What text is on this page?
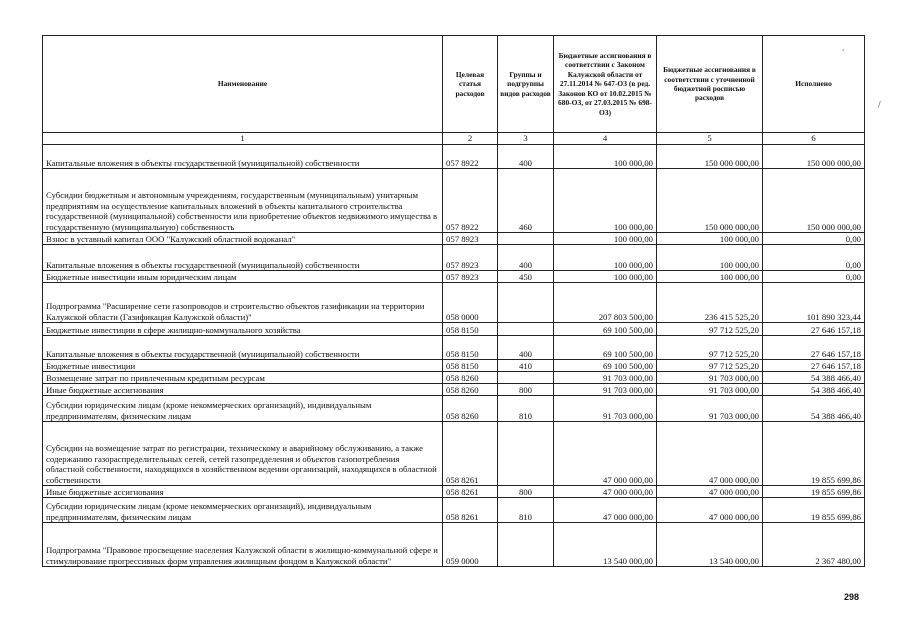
Наименование	Целевая статья расходов	Группы и подгруппы видов расходов	Бюджетные ассигнования в соответствии с Законом Калужской области от 27.11.2014 № 647-ОЗ (в ред. Законов КО от 10.02.2015 № 680-ОЗ, от 27.03.2015 № 698-ОЗ)	Бюджетные ассигнования в соответствии с уточненной бюджетной росписью расходов	Исполнено
1	2	3	4	5	6
Капитальные вложения в объекты государственной (муниципальной) собственности	057 8922	400	100 000,00	150 000 000,00	150 000 000,00
Субсидии бюджетным и автономным учреждениям, государственным (муниципальным) унитарным предприятиям на осуществление капитальных вложений в объекты капитального строительства государственной (муниципальной) собственности или приобретение объектов недвижимого имущества в государственную (муниципальную) собственность	057 8922	460	100 000,00	150 000 000,00	150 000 000,00
Взнос в уставный капитал ООО "Калужский областной водоканал"	057 8923		100 000,00	100 000,00	0,00
Капитальные вложения в объекты государственной (муниципальной) собственности	057 8923	400	100 000,00	100 000,00	0,00
Бюджетные инвестиции иным юридическим лицам	057 8923	450	100 000,00	100 000,00	0,00
Подпрограмма "Расширение сети газопроводов и строительство объектов газификации на территории Калужской области (Газификация Калужской области)"	058 0000		207 803 500,00	236 415 525,20	101 890 323,44
Бюджетные инвестиции в сфере жилищно-коммунального хозяйства	058 8150		69 100 500,00	97 712 525,20	27 646 157,18
Капитальные вложения в объекты государственной (муниципальной) собственности	058 8150	400	69 100 500,00	97 712 525,20	27 646 157,18
Бюджетные инвестиции	058 8150	410	69 100 500,00	97 712 525,20	27 646 157,18
Возмещение затрат по привлеченным кредитным ресурсам	058 8260		91 703 000,00	91 703 000,00	54 388 466,40
Иные бюджетные ассигнования	058 8260	800	91 703 000,00	91 703 000,00	54 388 466,40
Субсидии юридическим лицам (кроме некоммерческих организаций), индивидуальным предпринимателям, физическим лицам	058 8260	810	91 703 000,00	91 703 000,00	54 388 466,40
Субсидии на возмещение затрат по регистрации, техническому и аварийному обслуживанию, а также содержанию газораспределительных сетей, сетей газопредделения и объектов газопотребления областной собственности, находящихся в хозяйственном ведении организаций, находящихся в областной собственности	058 8261		47 000 000,00	47 000 000,00	19 855 699,86
Иные бюджетные ассигнования	058 8261	800	47 000 000,00	47 000 000,00	19 855 699,86
Субсидии юридическим лицам (кроме некоммерческих организаций), индивидуальным предпринимателям, физическим лицам	058 8261	810	47 000 000,00	47 000 000,00	19 855 699,86
Подпрограмма "Правовое просвещение населения Калужской области в жилищно-коммунальной сфере и стимулирование прогрессивных форм управления жилищным фондом в Калужской области"	059 0000		13 540 000,00	13 540 000,00	2 367 480,00
298
'
/
